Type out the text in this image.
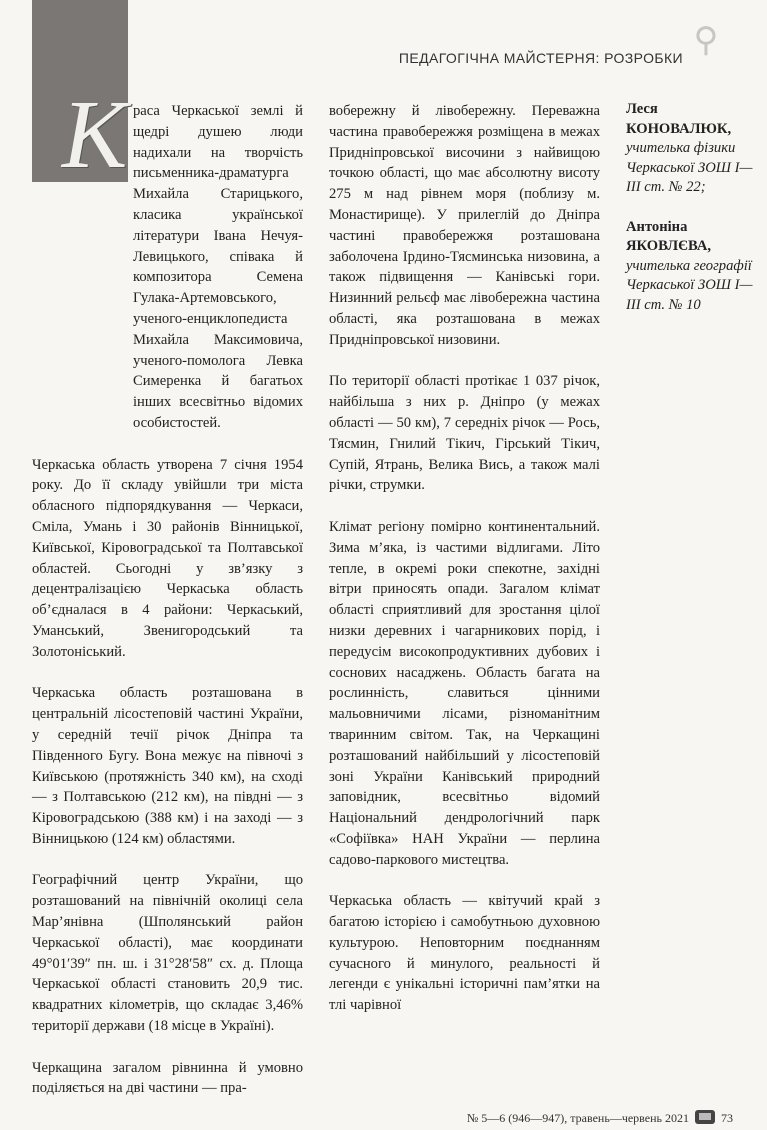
К
⚲
ПЕДАГОГІЧНА МАЙСТЕРНЯ: РОЗРОБКИ

раса Черкаської землі й щедрі душею люди надихали на творчість письменника-драматурга Михайла Старицького, класика української літератури Івана Нечуя-Левицького, співака й композитора Семена Гулака-Артемовського, ученого-енциклопедиста Михайла Максимовича, ученого-помолога Левка Симеренка й багатьох інших всесвітньо відомих особистостей.

Черкаська область утворена 7 січня 1954 року. До її складу увійшли три міста обласного підпорядкування — Черкаси, Сміла, Умань і 30 районів Вінницької, Київської, Кіровоградської та Полтавської областей. Сьогодні у зв’язку з децентралізацією Черкаська область об’єдналася в 4 райони: Черкаський, Уманський, Звенигородський та Золотоніський.

Черкаська область розташована в центральній лісостеповій частині України, у середній течії річок Дніпра та Південного Бугу. Вона межує на півночі з Київською (протяжність 340 км), на сході — з Полтавською (212 км), на півдні — з Кіровоградською (388 км) і на заході — з Вінницькою (124 км) областями.

Географічний центр України, що розташований на північній околиці села Мар’янівна (Шполянський район Черкаської області), має координати 49°01′39″ пн. ш. і 31°28′58″ сх. д. Площа Черкаської області становить 20,9 тис. квадратних кілометрів, що складає 3,46% території держави (18 місце в Україні).

Черкащина загалом рівнинна й умовно поділяється на дві частини — пра-

вобережну й лівобережну. Переважна частина правобережжя розміщена в межах Придніпровської височини з найвищою точкою області, що має абсолютну висоту 275 м над рівнем моря (поблизу м. Монастирище). У прилеглій до Дніпра частині правобережжя розташована заболочена Ірдино-Тясминська низовина, а також підвищення — Канівські гори. Низинний рельєф має лівобережна частина області, яка розташована в межах Придніпровської низовини.

По території області протікає 1 037 річок, найбільша з них р. Дніпро (у межах області — 50 км), 7 середніх річок — Рось, Тясмин, Гнилий Тікич, Гірський Тікич, Супій, Ятрань, Велика Вись, а також малі річки, струмки.

Клімат регіону помірно континентальний. Зима м’яка, із частими відлигами. Літо тепле, в окремі роки спекотне, західні вітри приносять опади. Загалом клімат області сприятливий для зростання цілої низки деревних і чагарникових порід, і передусім високопродуктивних дубових і соснових насаджень. Область багата на рослинність, славиться цінними мальовничими лісами, різноманітним тваринним світом. Так, на Черкащині розташований найбільший у лісостеповій зоні України Канівський природний заповідник, всесвітньо відомий Національний дендрологічний парк «Софіївка» НАН України — перлина садово-паркового мистецтва.

Черкаська область — квітучий край з багатою історією і самобутньою духовною культурою. Неповторним поєднанням сучасного й минулого, реальності й легенди є унікальні історичні пам’ятки на тлі чарівної

Леся
КОНОВАЛЮК,
учителька фізики Черкаської ЗОШ І—ІІІ ст. № 22;
Антоніна
ЯКОВЛЄВА,
учителька географії Черкаської ЗОШ І—ІІІ ст. № 10
№ 5—6 (946—947), травень—червень 2021	73
